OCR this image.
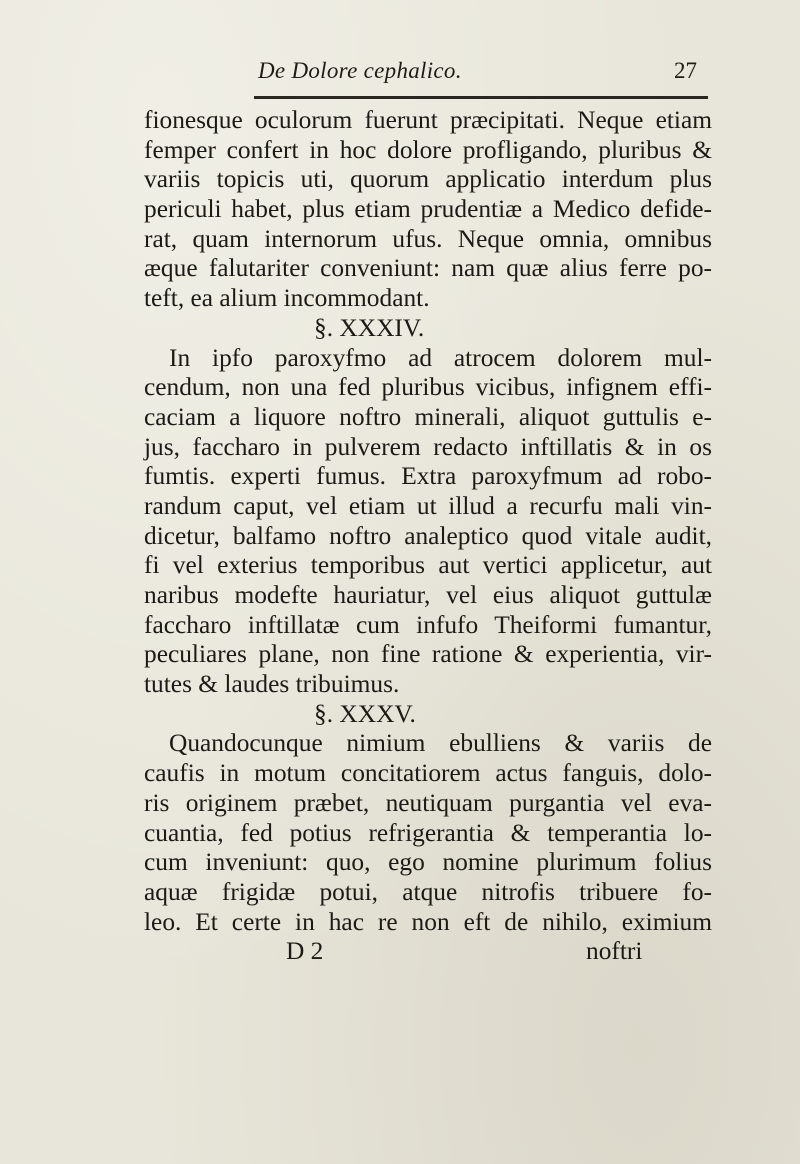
De Dolore cephalico.	27
fionesque oculorum fuerunt præcipitati. Neque etiam
femper confert in hoc dolore profligando, pluribus &
variis topicis uti, quorum applicatio interdum plus
periculi habet, plus etiam prudentiæ a Medico defide-
rat, quam internorum ufus. Neque omnia, omnibus
æque falutariter conveniunt: nam quæ alius ferre po-
teft, ea alium incommodant.
§. XXXIV.
In ipfo paroxyfmo ad atrocem dolorem mul-
cendum, non una fed pluribus vicibus, infignem effi-
caciam a liquore noftro minerali, aliquot guttulis e-
jus, faccharo in pulverem redacto inftillatis & in os
fumtis. experti fumus. Extra paroxyfmum ad robo-
randum caput, vel etiam ut illud a recurfu mali vin-
dicetur, balfamo noftro analeptico quod vitale audit,
fi vel exterius temporibus aut vertici applicetur, aut
naribus modefte hauriatur, vel eius aliquot guttulæ
faccharo inftillatæ cum infufo Theiformi fumantur,
peculiares plane, non fine ratione & experientia, vir-
tutes & laudes tribuimus.
§. XXXV.
Quandocunque nimium ebulliens & variis de
caufis in motum concitatiorem actus fanguis, dolo-
ris originem præbet, neutiquam purgantia vel eva-
cuantia, fed potius refrigerantia & temperantia lo-
cum inveniunt: quo, ego nomine plurimum folius
aquæ frigidæ potui, atque nitrofis tribuere fo-
leo. Et certe in hac re non eft de nihilo, eximium
D 2	noftri
